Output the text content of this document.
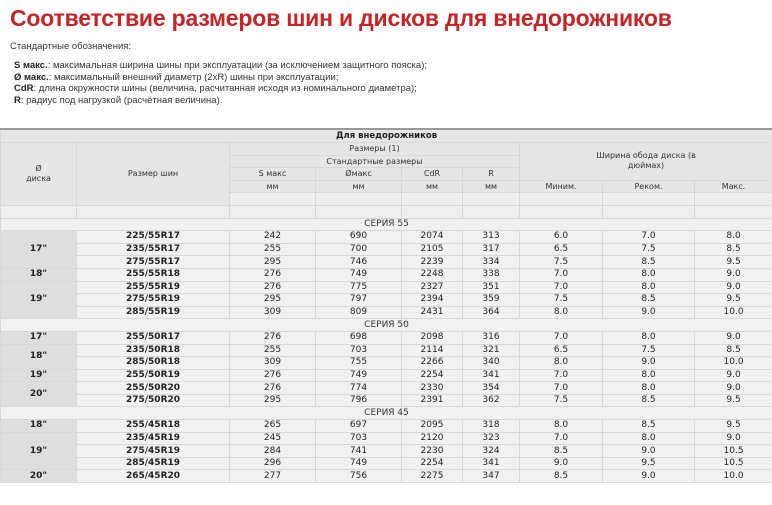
Соответствие размеров шин и дисков для внедорожников
Стандартные обозначения:
S макс.: максимальная ширина шины при эксплуатации (за исключением защитного пояска);
Ø макс.: максимальный внешний диаметр (2xR) шины при эксплуатации;
CdR: длина окружности шины (величина, расчитанная исходя из номинального диаметра);
R: радиус под нагрузкой (расчётная величина).
Для внедорожников								
Ø диска	Размер шин	Размеры (1)				Ширина обода диска (в дюймах)		
		Стандартные размеры						
		S макс	Øмакс	CdR	R			
		мм	мм	мм	мм	Миним.	Реком.	Макс.

СЕРИЯ 55								
17"	225/55R17	242	690	2074	313	6.0	7.0	8.0
	235/55R17	255	700	2105	317	6.5	7.5	8.5
	275/55R17	295	746	2239	334	7.5	8.5	9.5
18"	255/55R18	276	749	2248	338	7.0	8.0	9.0
19"	255/55R19	276	775	2327	351	7.0	8.0	9.0
	275/55R19	295	797	2394	359	7.5	8.5	9.5
	285/55R19	309	809	2431	364	8.0	9.0	10.0
СЕРИЯ 50								
17"	255/50R17	276	698	2098	316	7.0	8.0	9.0
18"	235/50R18	255	703	2114	321	6.5	7.5	8.5
	285/50R18	309	755	2266	340	8.0	9.0	10.0
19"	255/50R19	276	749	2254	341	7.0	8.0	9.0
20"	255/50R20	276	774	2330	354	7.0	8.0	9.0
	275/50R20	295	796	2391	362	7.5	8.5	9.5
СЕРИЯ 45								
18"	255/45R18	265	697	2095	318	8.0	8.5	9.5
19"	235/45R19	245	703	2120	323	7.0	8.0	9.0
	275/45R19	284	741	2230	324	8.5	9.0	10.5
	285/45R19	296	749	2254	341	9.0	9.5	10.5
20"	265/45R20	277	756	2275	347	8.5	9.0	10.0
